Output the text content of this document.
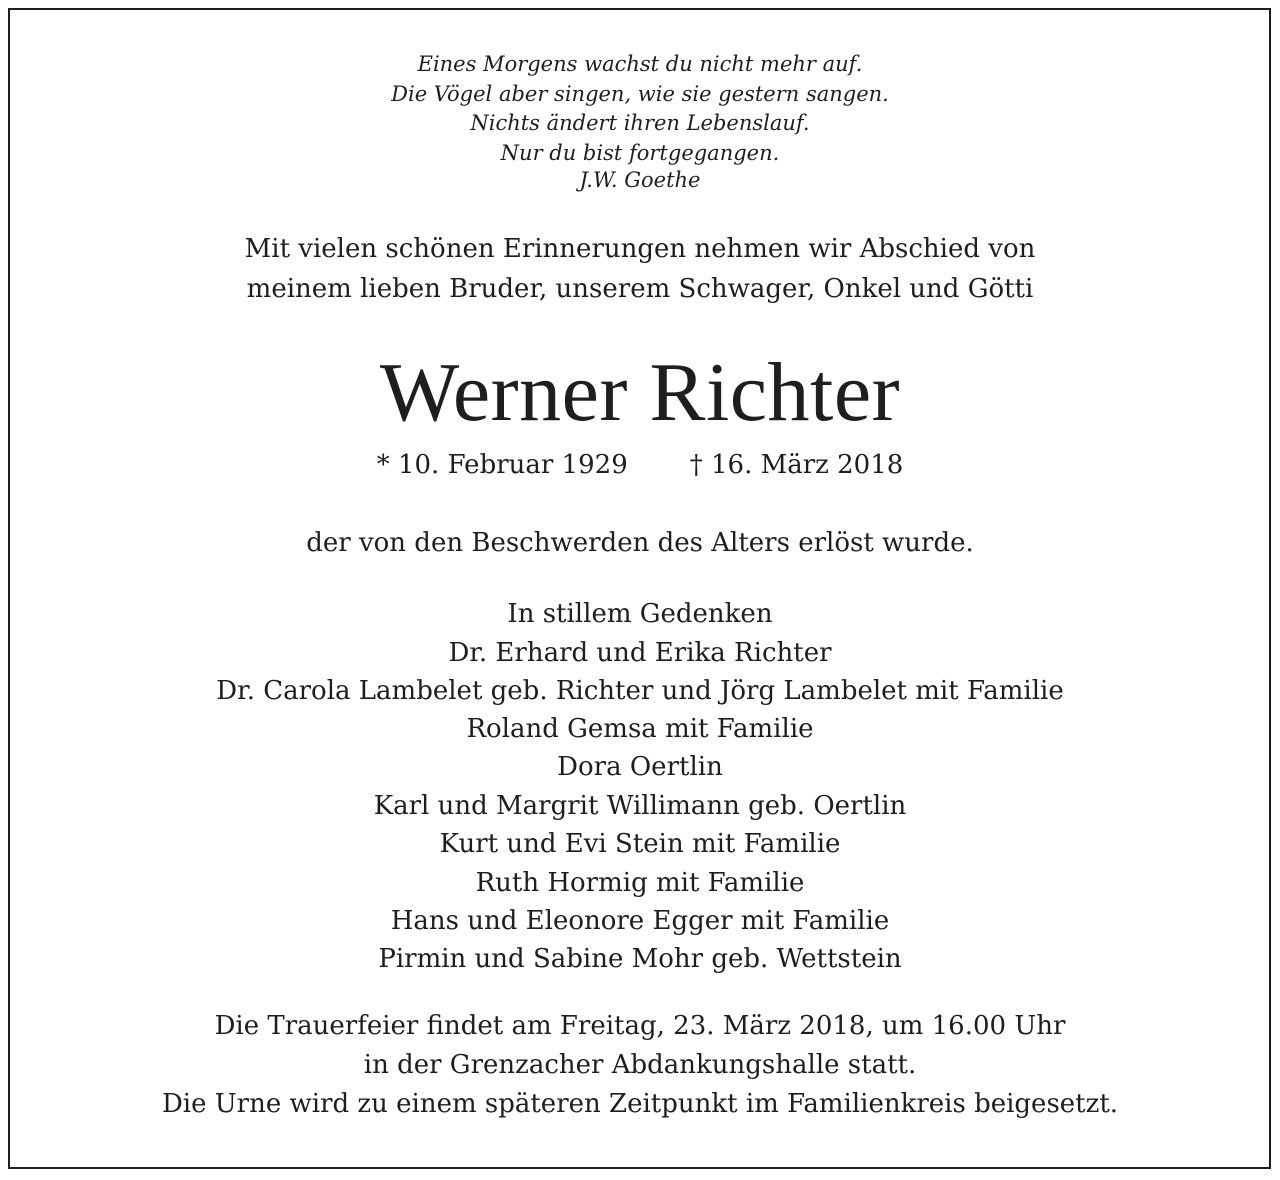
Eines Morgens wachst du nicht mehr auf.
Die Vögel aber singen, wie sie gestern sangen.
Nichts ändert ihren Lebenslauf.
Nur du bist fortgegangen.
J.W. Goethe
Mit vielen schönen Erinnerungen nehmen wir Abschied von
meinem lieben Bruder, unserem Schwager, Onkel und Götti
Werner Richter
* 10. Februar 1929 † 16. März 2018
der von den Beschwerden des Alters erlöst wurde.
In stillem Gedenken
Dr. Erhard und Erika Richter
Dr. Carola Lambelet geb. Richter und Jörg Lambelet mit Familie
Roland Gemsa mit Familie
Dora Oertlin
Karl und Margrit Willimann geb. Oertlin
Kurt und Evi Stein mit Familie
Ruth Hormig mit Familie
Hans und Eleonore Egger mit Familie
Pirmin und Sabine Mohr geb. Wettstein
Die Trauerfeier findet am Freitag, 23. März 2018, um 16.00 Uhr
in der Grenzacher Abdankungshalle statt.
Die Urne wird zu einem späteren Zeitpunkt im Familienkreis beigesetzt.
